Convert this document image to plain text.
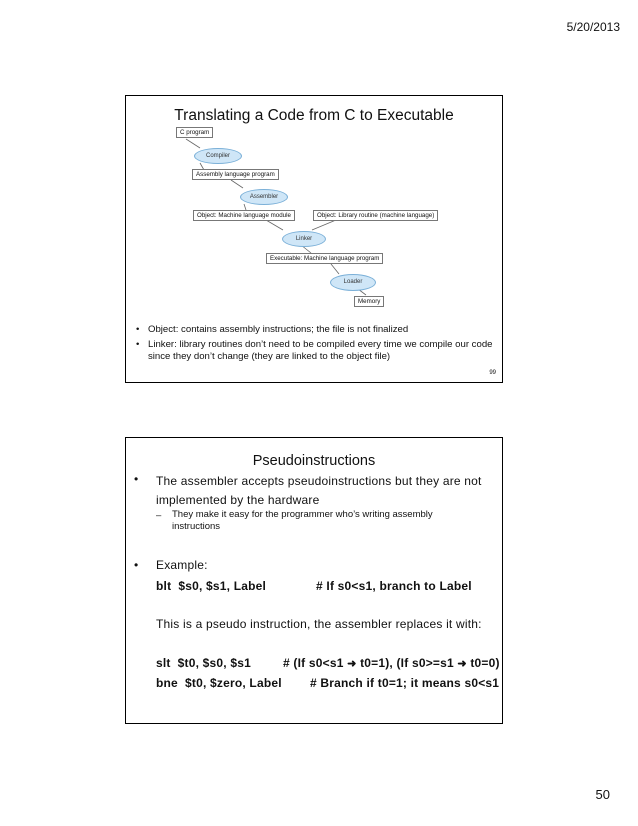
5/20/2013
Translating a Code from C to Executable
C program
Compiler
Assembly language program
Assembler
Object: Machine language module	Object: Library routine (machine language)
Linker
Executable: Machine language program
Loader
Memory
• Object: contains assembly instructions; the file is not finalized
• Linker: library routines don’t need to be compiled every time we compile our code since they don’t change (they are linked to the object file)
99
Pseudoinstructions
• The assembler accepts pseudoinstructions but they are not implemented by the hardware
– They make it easy for the programmer who’s writing assembly instructions
• Example:
blt  $s0, $s1, Label	# If s0<s1, branch to Label
This is a pseudo instruction, the assembler replaces it with:
slt  $t0, $s0, $s1	# (If s0<s1 ➜ t0=1), (If s0>=s1 ➜ t0=0)
bne  $t0, $zero, Label # Branch if t0=1; it means s0<s1
50
